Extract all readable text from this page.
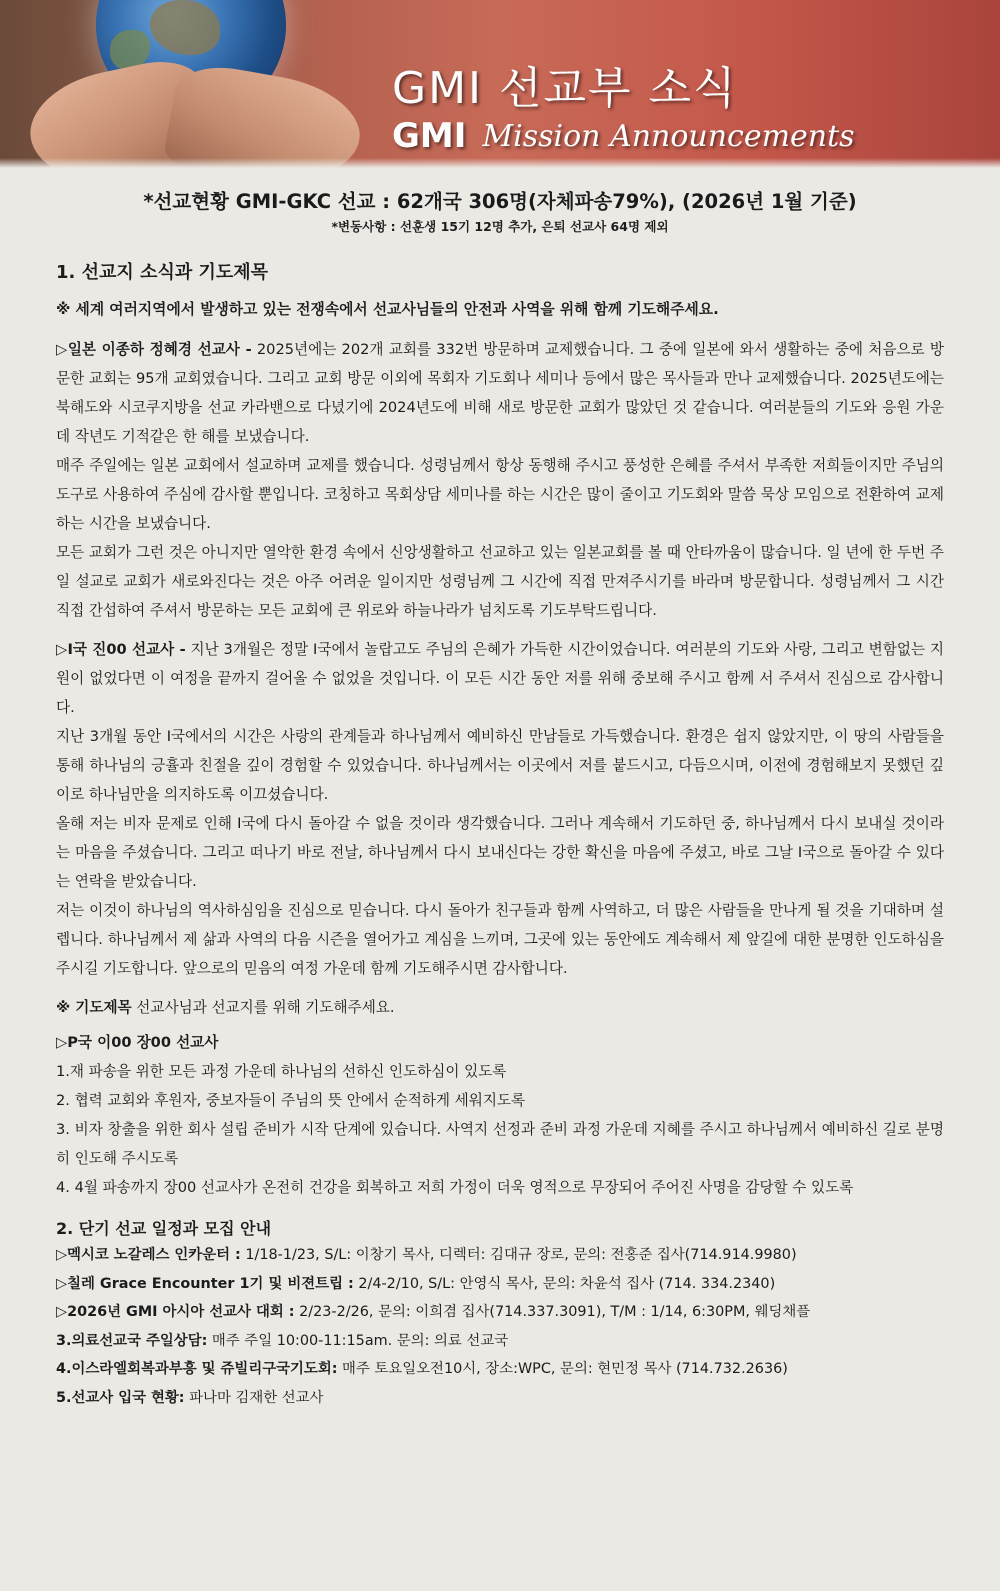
GMI 선교부 소식
GMI Mission Announcements
*선교현황 GMI-GKC 선교 : 62개국 306명(자체파송79%), (2026년 1월 기준)
*변동사항 : 선훈생 15기 12명 추가, 은퇴 선교사 64명 제외
1. 선교지 소식과 기도제목
※ 세계 여러지역에서 발생하고 있는 전쟁속에서 선교사님들의 안전과 사역을 위해 함께 기도해주세요.

▷일본 이종하 정혜경 선교사 - 2025년에는 202개 교회를 332번 방문하며 교제했습니다. 그 중에 일본에 와서 생활하는 중에 처음으로 방문한 교회는 95개 교회였습니다. 그리고 교회 방문 이외에 목회자 기도회나 세미나 등에서 많은 목사들과 만나 교제했습니다. 2025년도에는 북해도와 시코쿠지방을 선교 카라밴으로 다녔기에 2024년도에 비해 새로 방문한 교회가 많았던 것 같습니다. 여러분들의 기도와 응원 가운데 작년도 기적같은 한 해를 보냈습니다.

매주 주일에는 일본 교회에서 설교하며 교제를 했습니다. 성령님께서 항상 동행해 주시고 풍성한 은혜를 주셔서 부족한 저희들이지만 주님의 도구로 사용하여 주심에 감사할 뿐입니다. 코칭하고 목회상담 세미나를 하는 시간은 많이 줄이고 기도회와 말씀 묵상 모임으로 전환하여 교제하는 시간을 보냈습니다.

모든 교회가 그런 것은 아니지만 열악한 환경 속에서 신앙생활하고 선교하고 있는 일본교회를 볼 때 안타까움이 많습니다. 일 년에 한 두번 주일 설교로 교회가 새로와진다는 것은 아주 어려운 일이지만 성령님께 그 시간에 직접 만져주시기를 바라며 방문합니다. 성령님께서 그 시간 직접 간섭하여 주셔서 방문하는 모든 교회에 큰 위로와 하늘나라가 넘치도록 기도부탁드립니다.

▷I국 진00 선교사 - 지난 3개월은 정말 I국에서 놀랍고도 주님의 은혜가 가득한 시간이었습니다. 여러분의 기도와 사랑, 그리고 변함없는 지원이 없었다면 이 여정을 끝까지 걸어올 수 없었을 것입니다. 이 모든 시간 동안 저를 위해 중보해 주시고 함께 서 주셔서 진심으로 감사합니다.

지난 3개월 동안 I국에서의 시간은 사랑의 관계들과 하나님께서 예비하신 만남들로 가득했습니다. 환경은 쉽지 않았지만, 이 땅의 사람들을 통해 하나님의 긍휼과 친절을 깊이 경험할 수 있었습니다. 하나님께서는 이곳에서 저를 붙드시고, 다듬으시며, 이전에 경험해보지 못했던 깊이로 하나님만을 의지하도록 이끄셨습니다.

올해 저는 비자 문제로 인해 I국에 다시 돌아갈 수 없을 것이라 생각했습니다. 그러나 계속해서 기도하던 중, 하나님께서 다시 보내실 것이라는 마음을 주셨습니다. 그리고 떠나기 바로 전날, 하나님께서 다시 보내신다는 강한 확신을 마음에 주셨고, 바로 그날 I국으로 돌아갈 수 있다는 연락을 받았습니다.

저는 이것이 하나님의 역사하심임을 진심으로 믿습니다. 다시 돌아가 친구들과 함께 사역하고, 더 많은 사람들을 만나게 될 것을 기대하며 설렙니다. 하나님께서 제 삶과 사역의 다음 시즌을 열어가고 계심을 느끼며, 그곳에 있는 동안에도 계속해서 제 앞길에 대한 분명한 인도하심을 주시길 기도합니다. 앞으로의 믿음의 여정 가운데 함께 기도해주시면 감사합니다.

※ 기도제목 선교사님과 선교지를 위해 기도해주세요.
▷P국 이00 장00 선교사

1.재 파송을 위한 모든 과정 가운데 하나님의 선하신 인도하심이 있도록

2. 협력 교회와 후원자, 중보자들이 주님의 뜻 안에서 순적하게 세워지도록

3. 비자 창출을 위한 회사 설립 준비가 시작 단계에 있습니다. 사역지 선정과 준비 과정 가운데 지혜를 주시고 하나님께서 예비하신 길로 분명히 인도해 주시도록

4. 4월 파송까지 장00 선교사가 온전히 건강을 회복하고 저희 가정이 더욱 영적으로 무장되어 주어진 사명을 감당할 수 있도록

2. 단기 선교 일정과 모집 안내
▷멕시코 노갈레스 인카운터 : 1/18-1/23, S/L: 이창기 목사, 디렉터: 김대규 장로, 문의: 전홍준 집사(714.914.9980)
▷칠레 Grace Encounter 1기 및 비젼트립 : 2/4-2/10, S/L: 안영식 목사, 문의: 차윤석 집사 (714. 334.2340)
▷2026년 GMI 아시아 선교사 대회 : 2/23-2/26, 문의: 이희겸 집사(714.337.3091), T/M : 1/14, 6:30PM, 웨딩채플
3.의료선교국 주일상담: 매주 주일 10:00-11:15am. 문의: 의료 선교국
4.이스라엘회복과부흥 및 쥬빌리구국기도회: 매주 토요일오전10시, 장소:WPC, 문의: 현민정 목사 (714.732.2636)
5.선교사 입국 현황: 파나마 김재한 선교사
